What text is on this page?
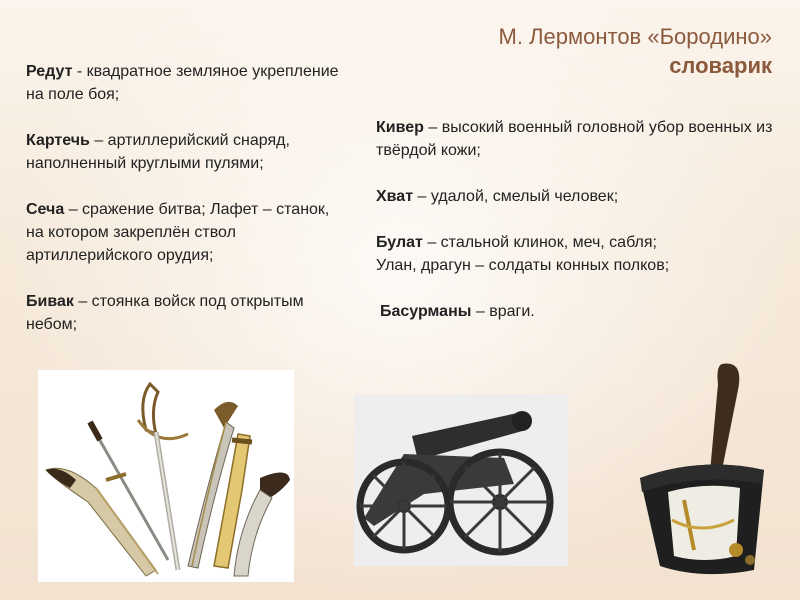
М. Лермонтов «Бородино»
словарик
Редут - квадратное земляное укрепление на поле боя;
Картечь – артиллерийский снаряд, наполненный круглыми пулями;
Сеча – сражение битва; Лафет – станок, на котором закреплён ствол артиллерийского орудия;
Бивак – стоянка войск под открытым небом;
Кивер – высокий военный головной убор военных из твёрдой кожи;
Хват – удалой, смелый человек;
Булат – стальной клинок, меч, сабля;
Улан, драгун – солдаты конных полков;
Басурманы – враги.
